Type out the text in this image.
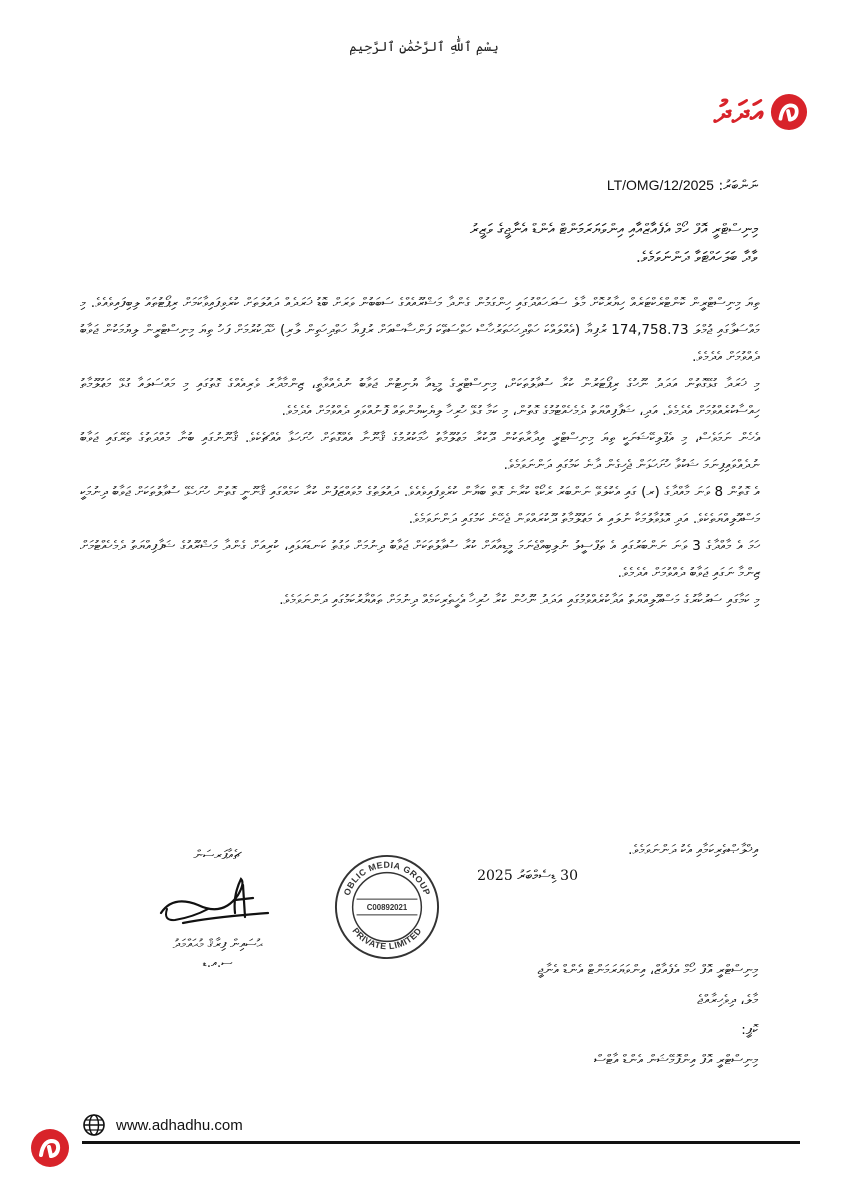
بِسْمِ ٱللَّٰهِ ٱلرَّحْمَٰنِ ٱلرَّحِيمِ
އަދަދު
ނަންބަރު: LT/OMG/12/2025
މިނިސްޓްރީ އޮފް ހޯމް އެފެއާޒްއާއި އިންވަޔަރަމަންޓް އެންޑް އެނާޖީގެ ވަޒީރު
ވާދާ ބަލަހައްޓަވާ ދަންނަވަމެވެ.

ތިޔަ މިނިސްޓްރީން ކޮންޓްރެކްޓަރެއް ހިޔާރުކޮށް މާލެ ސަރަހައްދުގައި ހިންގަމުން ގެންދާ މަޝްރޫއެއްގެ ސަބަބުން ވަރަށް ބޮޑު ޚަރަދެއް ދައުލަތަށް ކުރެވިފައިވާކަމަށް ރިޕޯޓުތައް ލިބިފައިވެއެވެ. މި މައްސަލާގައި ޖުމްލަ 174,758.73 ރުފިޔާ (އެއްލައްކަ ހަތްދިހަހަތަރުހާސް ހަތްސަތޭކަ ފަންސާސްއަށް ރުފިޔާ ހަތްދިހަތިން ލާރި) ހޭދަކުރުމަށް ފަހު ތިޔަ މިނިސްޓްރީން ލިޔުމަކުން ޖަވާބު ދެއްވުމަށް އެދެމެވެ.

މި ޚަރަދާ ގުޅޭގޮތުން އަދަދު ނޫހުގެ ރިޕޯޓަރުން ކުރާ ސުވާލުތަކަށް، މިނިސްޓްރީގެ މީޑިއާ ޔުނިޓުން ޖަވާބު ނުދެއްވާތީ، ޒިންމާދާރު ވެރިއެއްގެ ގޮތުގައި މި މައްސަލައާ ގުޅޭ މަޢުލޫމާތު ހިއްސާކުރެއްވުމަށް އެދެމެވެ. އަދި، ޝަފާފިއްޔަތު ދެމެހެއްޓުމުގެ ގޮތުން، މި ކަމާ ގުޅޭ ހުރިހާ ލިޔެކިޔުންތައް ފޮނުއްވައި ދެއްވުމަށް އެދެމެވެ.

އެހެން ނަމަވެސް، މި އެޕްލިކޭޝަނަކީ ތިޔަ މިނިސްޓްރީ އިދާރާތަކުން ދޫކުރާ މަޢުލޫމާތު ހާމަކުރުމުގެ ޤާނޫނާ އެއްގޮތަށް ހުށަހަޅާ އެއްޗެކެވެ. ޤާނޫނުގައި ބުނާ މުއްދަތުގެ ތެރޭގައި ޖަވާބު ނުދެއްވައިފިނަމަ ޝަކުވާ ހުށަހަޅަން ޖެހިގެން ދާނެ ކަމުގައި ދަންނަވަމެވެ.

އެ ގޮތުން 8 ވަނަ މާއްދާގެ (ރ) ގައި އެކުލެވޭ ނަންބަރު ރެކޯޑް ކުރާނެ ގޮތް ބަޔާން ކުރެވިފައިވެއެވެ. ދައުލަތުގެ މުވައްޒަފުން ކުރާ ކަމެއްގައި ޤާނޫނީ ގޮތުން ހުށަހެޅޭ ސުވާލުތަކަށް ޖަވާބު ދިނުމަކީ މަސްއޫލިއްޔަތެކެވެ. އަދި އޮޅުވާލުމަކާ ނުލައި އެ މަޢުލޫމާތު ދޫކުރައްވަން ޖެހޭނެ ކަމުގައި ދަންނަވަމެވެ.

ހަމަ އެ މާއްދާގެ 3 ވަނަ ނަންބަރުގައި އެ ތަފްސީލު ނުލިބިއްޖެނަމަ މީޑިއާއަށް ކުރާ ސުވާލުތަކަށް ޖަވާބު ދިނުމަށް ވަގުތު ކަނޑައަޅައި، ކުރިއަށް ގެންދާ މަޝްރޫއުގެ ޝަފާފިއްޔަތު ދެމެހެއްޓުމަށް ޒިންމާ ނަގައި ޖަވާބު ދެއްވުމަށް އެދެމެވެ.

މި ކަމާގައި ސަރުކާރުގެ މަސްއޫލިއްޔަތު އަދާކުރެއްވުމުގައި އަދަދު ނޫހުން ކުރާ ހުރިހާ އެހީތެރިކަމެއް ދިނުމަށް ތައްޔާރުކަމުގައި ދަންނަވަމެވެ.

އިޚްލާޞްތެރިކަމާއި އެކު ދަންނަވަމެވެ.
30 ޑިސެމްބަރު 2025
OBLIC MEDIA GROUP
PRIVATE LIMITED
C00892021
ޗެއާޕަރސަން
ޙުސައިން ފިރާޤް މުޙައްމަދު
ސ.އ.ޑ	މިނިސްޓްރީ އޮފް ހޯމް އެފެއާޒް، އިންވަޔަރަމަންޓް އެންޑް އެނާޖީ
މާލެ، ދިވެހިރާއްޖެ
ކޮޕީ:
މިނިސްޓްރީ އޮފް އިންފޮމޭޝަން އެންޑް އާޓްސް
www.adhadhu.com
